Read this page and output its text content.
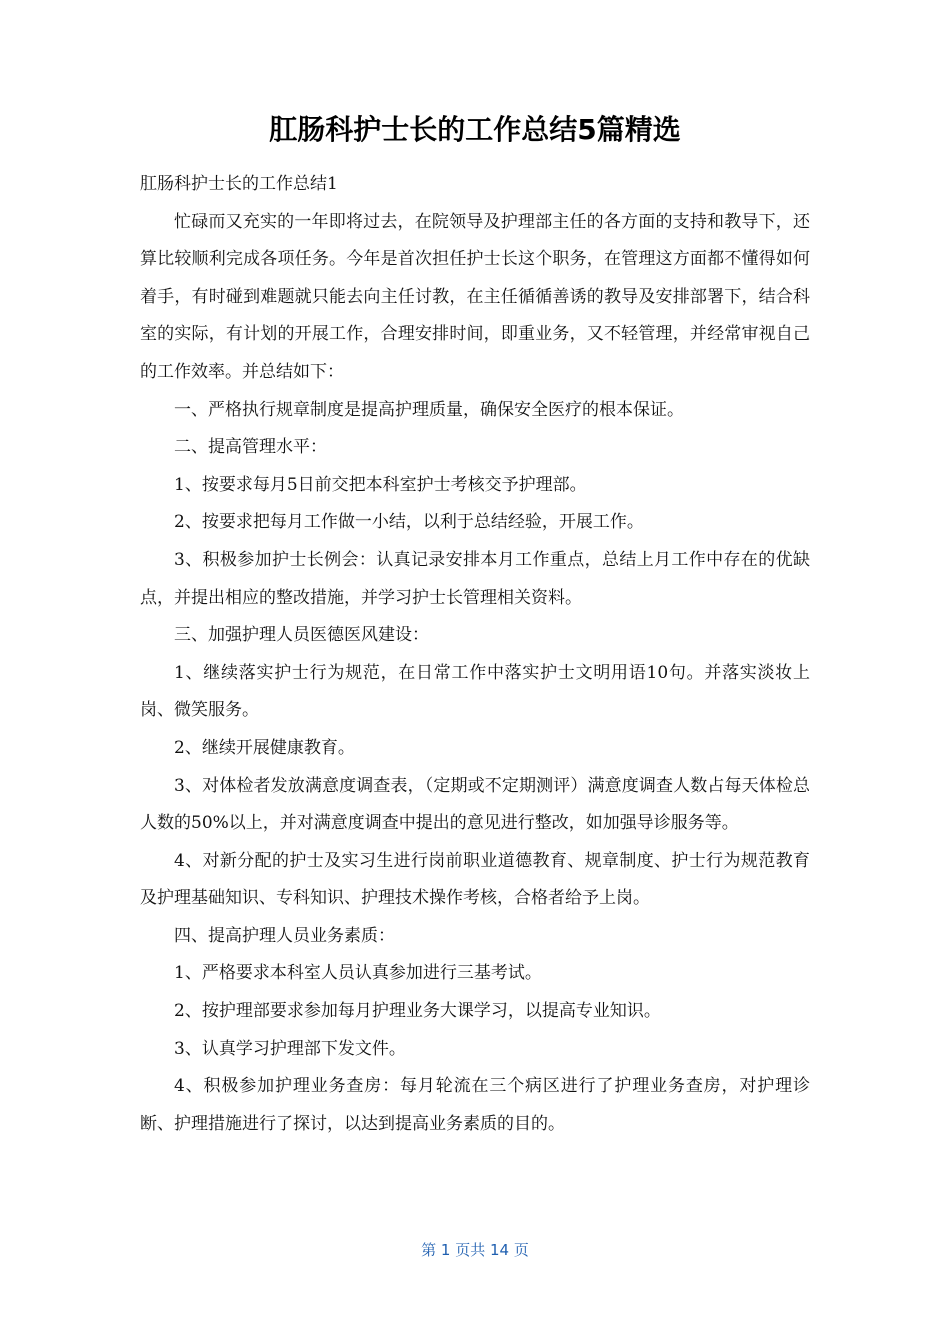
肛肠科护士长的工作总结5篇精选

肛肠科护士长的工作总结1

忙碌而又充实的一年即将过去，在院领导及护理部主任的各方面的支持和教导下，还算比较顺利完成各项任务。今年是首次担任护士长这个职务，在管理这方面都不懂得如何着手，有时碰到难题就只能去向主任讨教，在主任循循善诱的教导及安排部署下，结合科室的实际，有计划的开展工作，合理安排时间，即重业务，又不轻管理，并经常审视自己的工作效率。并总结如下：

一、严格执行规章制度是提高护理质量，确保安全医疗的根本保证。

二、提高管理水平：

1、按要求每月5日前交把本科室护士考核交予护理部。

2、按要求把每月工作做一小结，以利于总结经验，开展工作。

3、积极参加护士长例会：认真记录安排本月工作重点，总结上月工作中存在的优缺点，并提出相应的整改措施，并学习护士长管理相关资料。

三、加强护理人员医德医风建设：

1、继续落实护士行为规范，在日常工作中落实护士文明用语10句。并落实淡妆上岗、微笑服务。

2、继续开展健康教育。

3、对体检者发放满意度调查表，（定期或不定期测评）满意度调查人数占每天体检总人数的50%以上，并对满意度调查中提出的意见进行整改，如加强导诊服务等。

4、对新分配的护士及实习生进行岗前职业道德教育、规章制度、护士行为规范教育及护理基础知识、专科知识、护理技术操作考核，合格者给予上岗。

四、提高护理人员业务素质：

1、严格要求本科室人员认真参加进行三基考试。

2、按护理部要求参加每月护理业务大课学习，以提高专业知识。

3、认真学习护理部下发文件。

4、积极参加护理业务查房：每月轮流在三个病区进行了护理业务查房，对护理诊断、护理措施进行了探讨，以达到提高业务素质的目的。

第 1 页共 14 页
